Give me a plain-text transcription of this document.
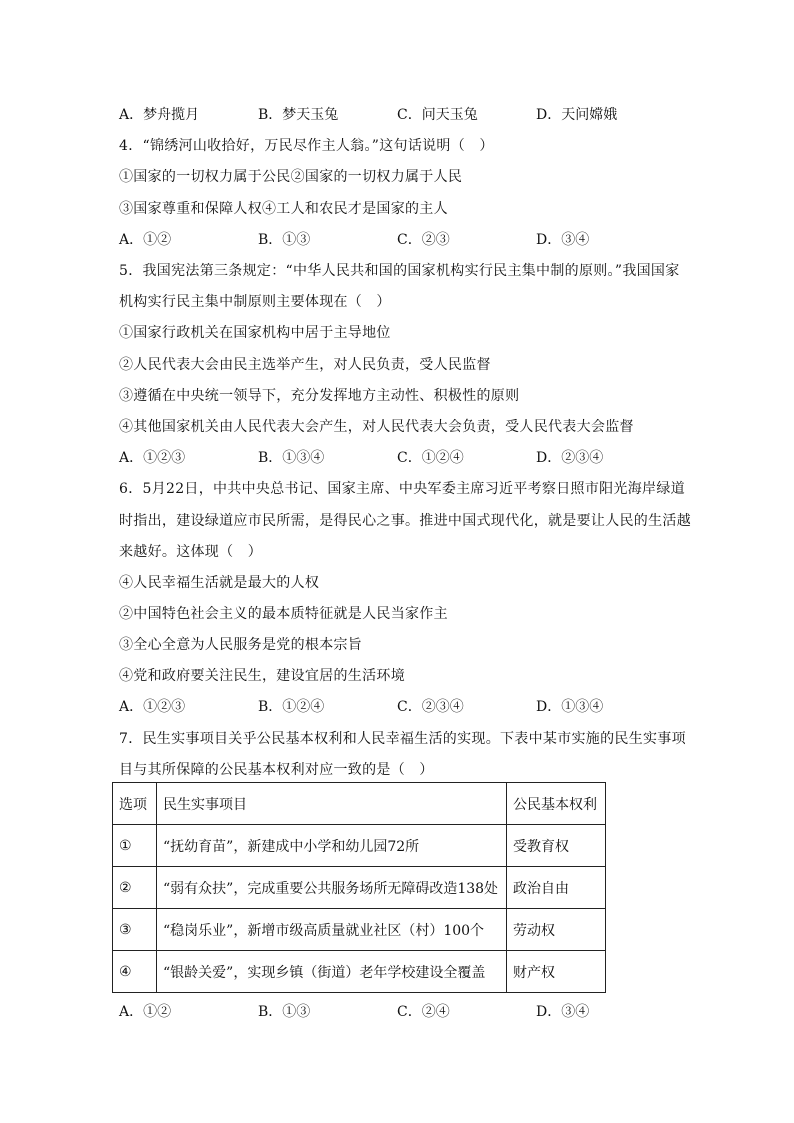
A．梦舟揽月	B．梦天玉兔	C．问天玉兔	D．天问嫦娥
4．“锦绣河山收拾好，万民尽作主人翁。”这句话说明（　）
①国家的一切权力属于公民②国家的一切权力属于人民
③国家尊重和保障人权④工人和农民才是国家的主人
A．①②	B．①③	C．②③	D．③④
5．我国宪法第三条规定：“中华人民共和国的国家机构实行民主集中制的原则。”我国国家
机构实行民主集中制原则主要体现在（　）
①国家行政机关在国家机构中居于主导地位
②人民代表大会由民主选举产生，对人民负责，受人民监督
③遵循在中央统一领导下，充分发挥地方主动性、积极性的原则
④其他国家机关由人民代表大会产生，对人民代表大会负责，受人民代表大会监督
A．①②③	B．①③④	C．①②④	D．②③④
6．5月22日，中共中央总书记、国家主席、中央军委主席习近平考察日照市阳光海岸绿道
时指出，建设绿道应市民所需，是得民心之事。推进中国式现代化，就是要让人民的生活越
来越好。这体现（　）
④人民幸福生活就是最大的人权
②中国特色社会主义的最本质特征就是人民当家作主
③全心全意为人民服务是党的根本宗旨
④党和政府要关注民生，建设宜居的生活环境
A．①②③	B．①②④	C．②③④	D．①③④
7．民生实事项目关乎公民基本权利和人民幸福生活的实现。下表中某市实施的民生实事项
目与其所保障的公民基本权利对应一致的是（　）
选项	民生实事项目	公民基本权利
①	“抚幼育苗”，新建成中小学和幼儿园72所	受教育权
②	“弱有众扶”，完成重要公共服务场所无障碍改造138处	政治自由
③	“稳岗乐业”，新增市级高质量就业社区（村）100个	劳动权
④	“银龄关爱”，实现乡镇（街道）老年学校建设全覆盖	财产权
A．①②	B．①③	C．②④	D．③④
